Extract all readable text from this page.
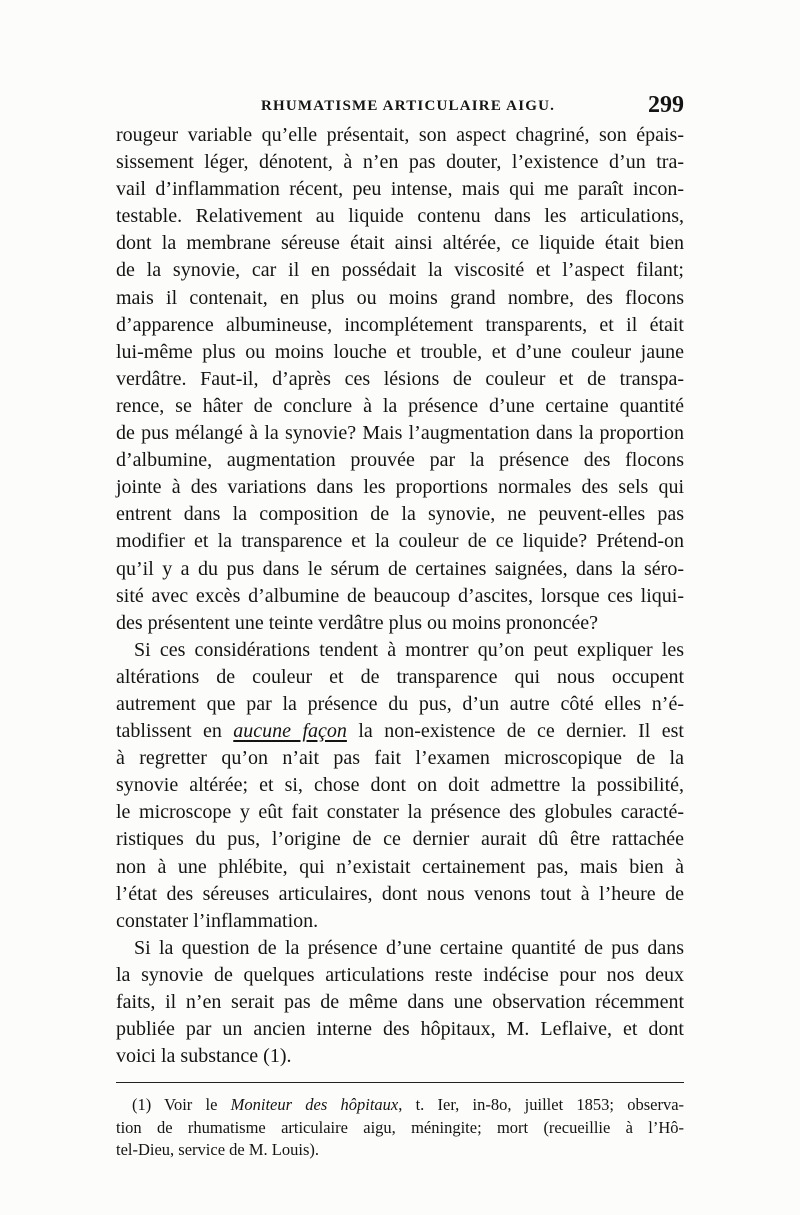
RHUMATISME ARTICULAIRE AIGU.	299
rougeur variable qu’elle présentait, son aspect chagriné, son épais-
sissement léger, dénotent, à n’en pas douter, l’existence d’un tra-
vail d’inflammation récent, peu intense, mais qui me paraît incon-
testable. Relativement au liquide contenu dans les articulations,
dont la membrane séreuse était ainsi altérée, ce liquide était bien
de la synovie, car il en possédait la viscosité et l’aspect filant;
mais il contenait, en plus ou moins grand nombre, des flocons
d’apparence albumineuse, incomplétement transparents, et il était
lui-même plus ou moins louche et trouble, et d’une couleur jaune
verdâtre. Faut-il, d’après ces lésions de couleur et de transpa-
rence, se hâter de conclure à la présence d’une certaine quantité
de pus mélangé à la synovie? Mais l’augmentation dans la proportion
d’albumine, augmentation prouvée par la présence des flocons
jointe à des variations dans les proportions normales des sels qui
entrent dans la composition de la synovie, ne peuvent-elles pas
modifier et la transparence et la couleur de ce liquide? Prétend-on
qu’il y a du pus dans le sérum de certaines saignées, dans la séro-
sité avec excès d’albumine de beaucoup d’ascites, lorsque ces liqui-
des présentent une teinte verdâtre plus ou moins prononcée?
Si ces considérations tendent à montrer qu’on peut expliquer les
altérations de couleur et de transparence qui nous occupent
autrement que par la présence du pus, d’un autre côté elles n’é-
tablissent en aucune façon la non-existence de ce dernier. Il est
à regretter qu’on n’ait pas fait l’examen microscopique de la
synovie altérée; et si, chose dont on doit admettre la possibilité,
le microscope y eût fait constater la présence des globules caracté-
ristiques du pus, l’origine de ce dernier aurait dû être rattachée
non à une phlébite, qui n’existait certainement pas, mais bien à
l’état des séreuses articulaires, dont nous venons tout à l’heure de
constater l’inflammation.
Si la question de la présence d’une certaine quantité de pus dans
la synovie de quelques articulations reste indécise pour nos deux
faits, il n’en serait pas de même dans une observation récemment
publiée par un ancien interne des hôpitaux, M. Leflaive, et dont
voici la substance (1).
(1) Voir le Moniteur des hôpitaux, t. Ier, in-8o, juillet 1853; observa-
tion de rhumatisme articulaire aigu, méningite; mort (recueillie à l’Hô-
tel-Dieu, service de M. Louis).
